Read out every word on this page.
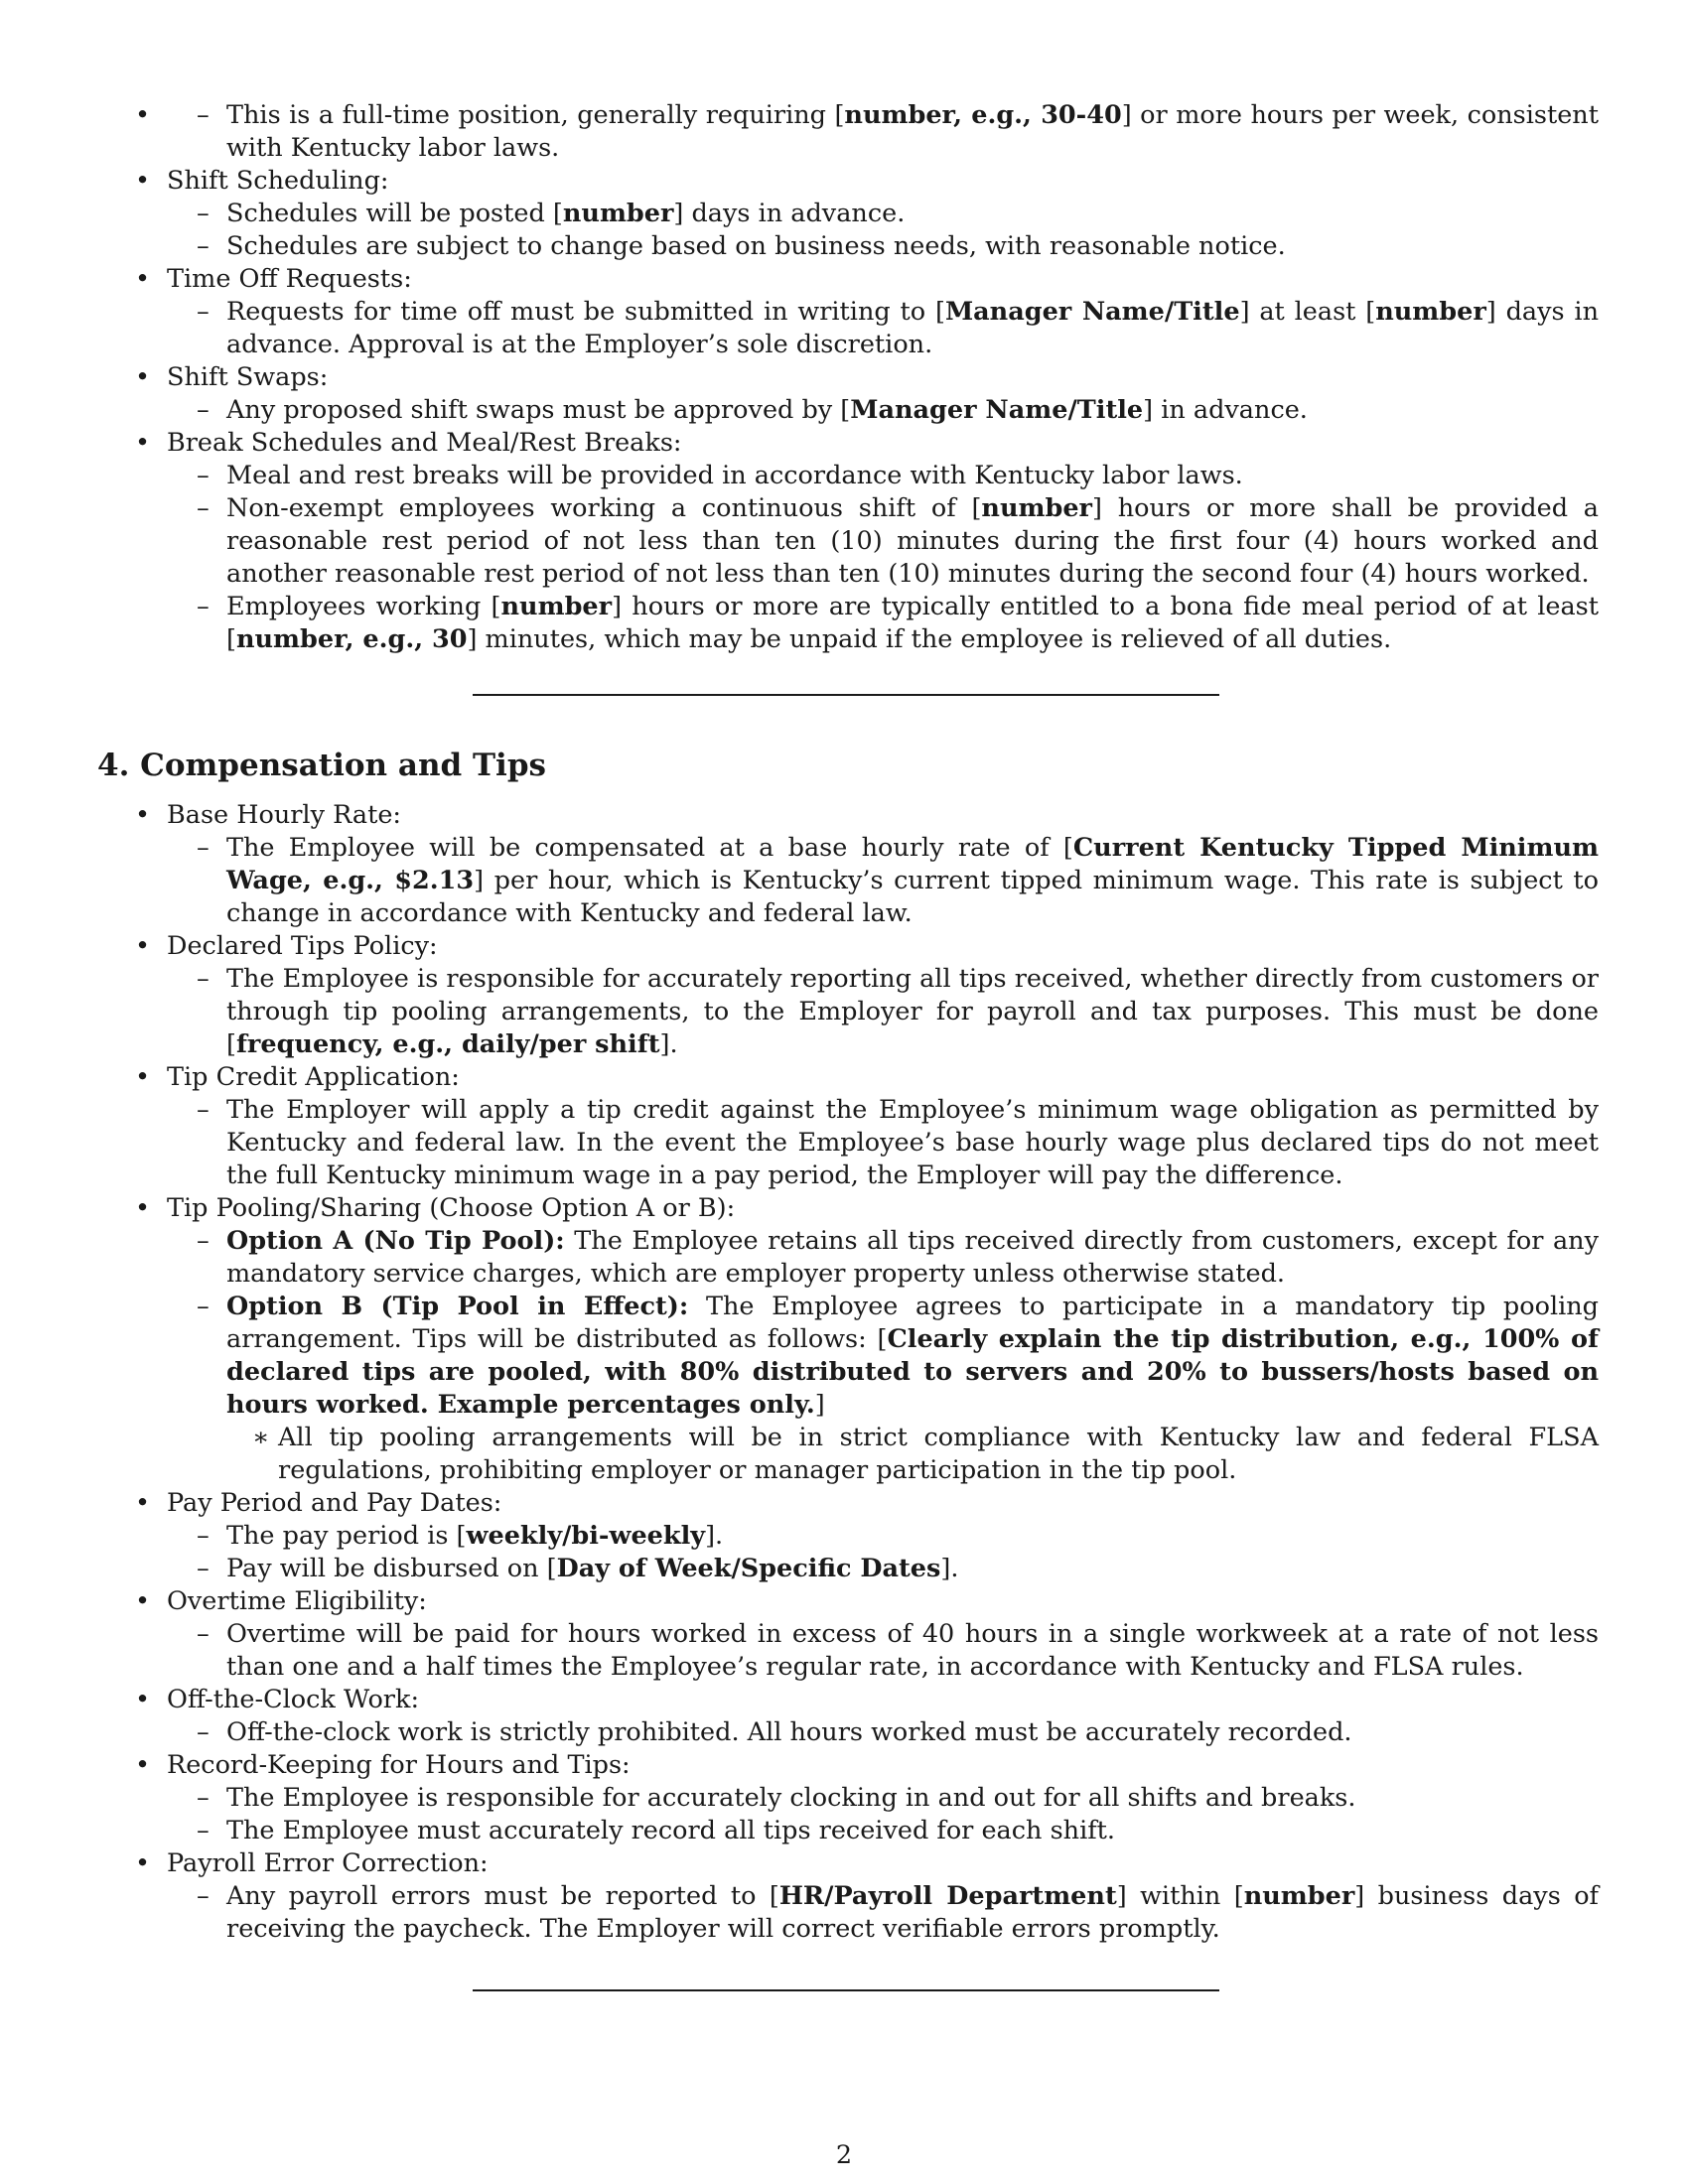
– • This is a full-time position, generally requiring [number, e.g., 30-40] or more hours per week, consistent with Kentucky labor laws.
• Shift Scheduling:
– Schedules will be posted [number] days in advance.
– Schedules are subject to change based on business needs, with reasonable notice.
• Time Off Requests:
– Requests for time off must be submitted in writing to [Manager Name/Title] at least [number] days in advance. Approval is at the Employer’s sole discretion.
• Shift Swaps:
– Any proposed shift swaps must be approved by [Manager Name/Title] in advance.
• Break Schedules and Meal/Rest Breaks:
– Meal and rest breaks will be provided in accordance with Kentucky labor laws.
– Non-exempt employees working a continuous shift of [number] hours or more shall be provided a reasonable rest period of not less than ten (10) minutes during the first four (4) hours worked and another reasonable rest period of not less than ten (10) minutes during the second four (4) hours worked.
– Employees working [number] hours or more are typically entitled to a bona fide meal period of at least [number, e.g., 30] minutes, which may be unpaid if the employee is relieved of all duties.
4. Compensation and Tips
• Base Hourly Rate:
– The Employee will be compensated at a base hourly rate of [Current Kentucky Tipped Minimum Wage, e.g., $2.13] per hour, which is Kentucky’s current tipped minimum wage. This rate is subject to change in accordance with Kentucky and federal law.
• Declared Tips Policy:
– The Employee is responsible for accurately reporting all tips received, whether directly from customers or through tip pooling arrangements, to the Employer for payroll and tax purposes. This must be done [frequency, e.g., daily/per shift].
• Tip Credit Application:
– The Employer will apply a tip credit against the Employee’s minimum wage obligation as permitted by Kentucky and federal law. In the event the Employee’s base hourly wage plus declared tips do not meet the full Kentucky minimum wage in a pay period, the Employer will pay the difference.
• Tip Pooling/Sharing (Choose Option A or B):
– Option A (No Tip Pool): The Employee retains all tips received directly from customers, except for any mandatory service charges, which are employer property unless otherwise stated.
– Option B (Tip Pool in Effect): The Employee agrees to participate in a mandatory tip pooling arrangement. Tips will be distributed as follows: [Clearly explain the tip distribution, e.g., 100% of declared tips are pooled, with 80% distributed to servers and 20% to bussers/hosts based on hours worked. Example percentages only.]
∗ All tip pooling arrangements will be in strict compliance with Kentucky law and federal FLSA regulations, prohibiting employer or manager participation in the tip pool.
• Pay Period and Pay Dates:
– The pay period is [weekly/bi-weekly].
– Pay will be disbursed on [Day of Week/Specific Dates].
• Overtime Eligibility:
– Overtime will be paid for hours worked in excess of 40 hours in a single workweek at a rate of not less than one and a half times the Employee’s regular rate, in accordance with Kentucky and FLSA rules.
• Off-the-Clock Work:
– Off-the-clock work is strictly prohibited. All hours worked must be accurately recorded.
• Record-Keeping for Hours and Tips:
– The Employee is responsible for accurately clocking in and out for all shifts and breaks.
– The Employee must accurately record all tips received for each shift.
• Payroll Error Correction:
– Any payroll errors must be reported to [HR/Payroll Department] within [number] business days of receiving the paycheck. The Employer will correct verifiable errors promptly.
2
